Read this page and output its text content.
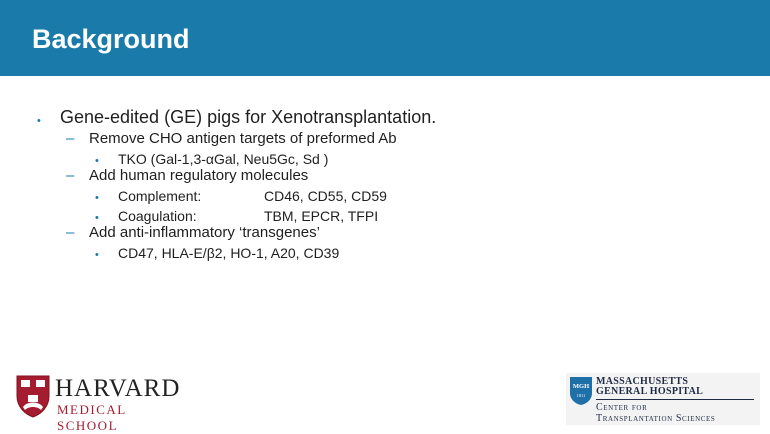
Background
• Gene-edited (GE) pigs for Xenotransplantation.
– Remove CHO antigen targets of preformed Ab
• TKO (Gal-1,3-αGal, Neu5Gc, Sd )
– Add human regulatory molecules
• Complement:	CD46, CD55, CD59
• Coagulation:	TBM, EPCR, TFPI
– Add anti-inflammatory ‘transgenes’
• CD47, HLA-E/β2, HO-1, A20, CD39
HARVARD
MEDICAL SCHOOL
MGH
1811
MASSACHUSETTS
GENERAL HOSPITAL
Center for
Transplantation Sciences
